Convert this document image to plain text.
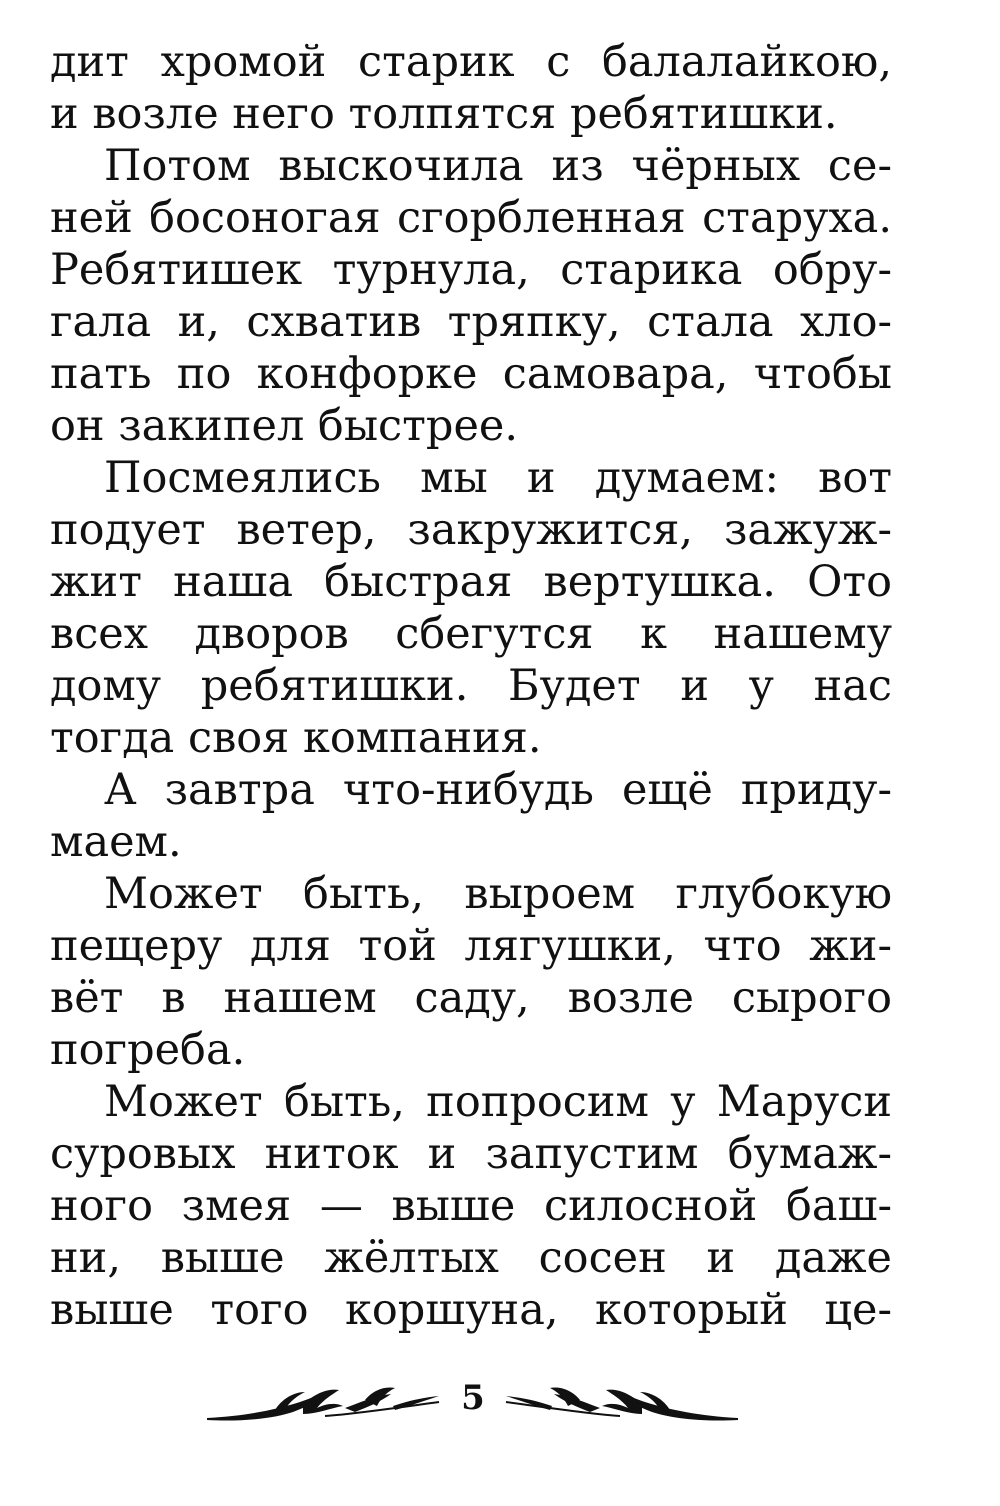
дит хромой старик с балалайкою,
и возле него толпятся ребятишки.
Потом выскочила из чёрных се-
ней босоногая сгорбленная старуха.
Ребятишек турнула, старика обру-
гала и, схватив тряпку, стала хло-
пать по конфорке самовара, чтобы
он закипел быстрее.
Посмеялись мы и думаем: вот
подует ветер, закружится, зажуж-
жит наша быстрая вертушка. Ото
всех дворов сбегутся к нашему
дому ребятишки. Будет и у нас
тогда своя компания.
А завтра что-нибудь ещё приду-
маем.
Может быть, выроем глубокую
пещеру для той лягушки, что жи-
вёт в нашем саду, возле сырого
погреба.
Может быть, попросим у Маруси
суровых ниток и запустим бумаж-
ного змея — выше силосной баш-
ни, выше жёлтых сосен и даже
выше того коршуна, который це-
5
